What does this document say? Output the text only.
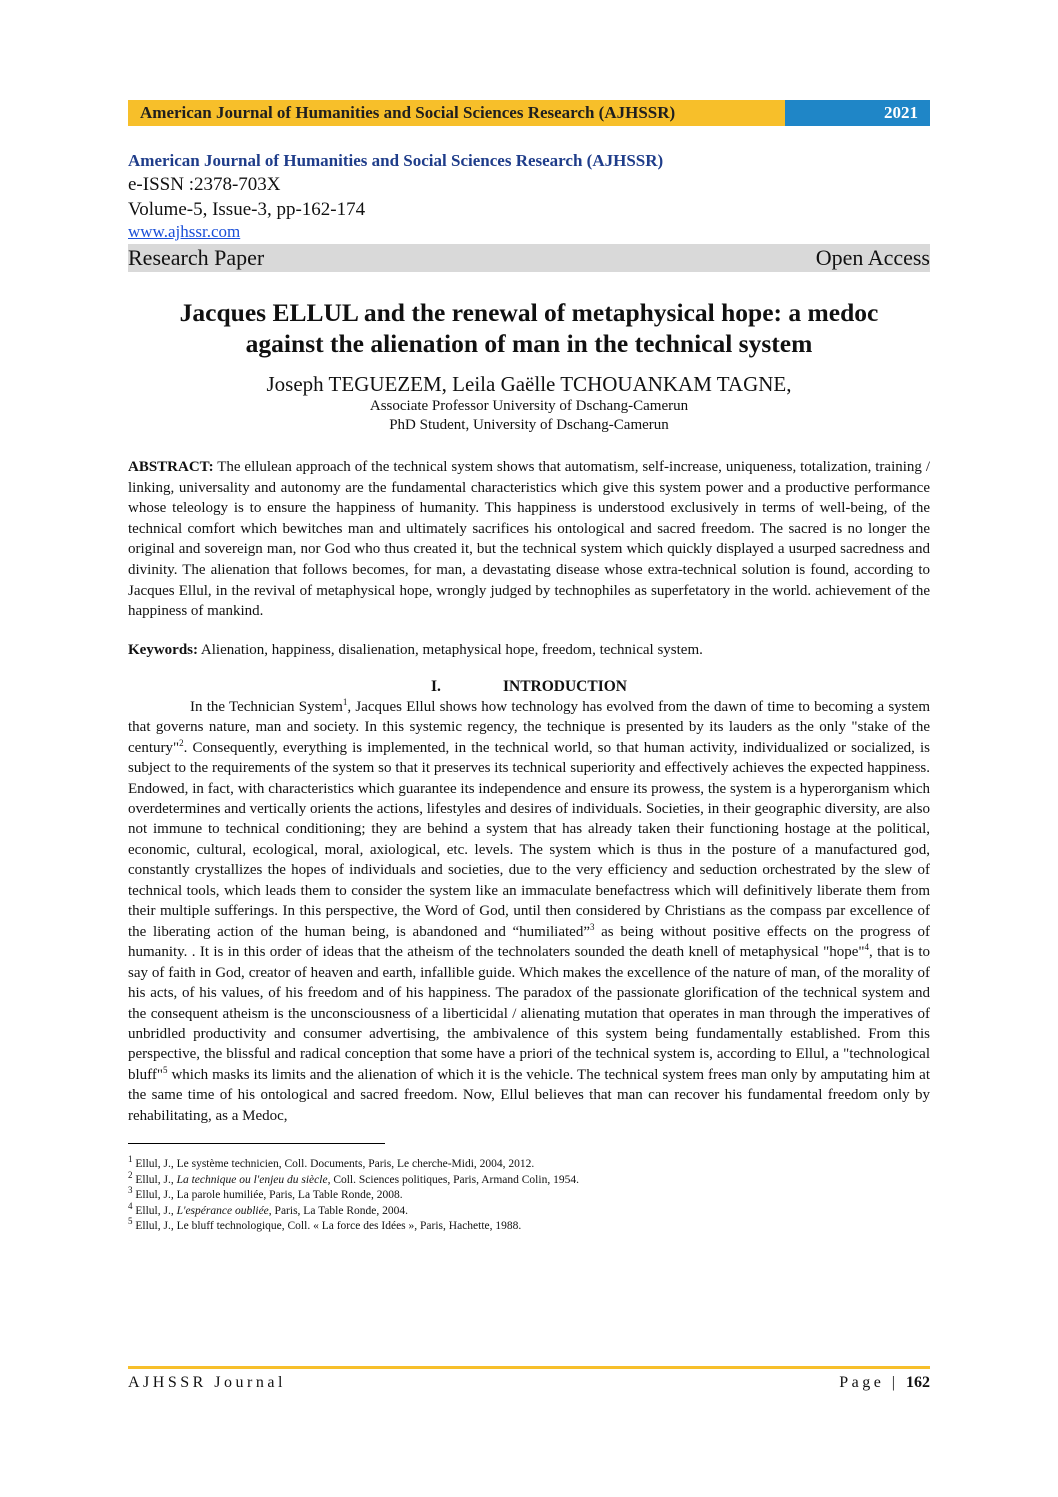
American Journal of Humanities and Social Sciences Research (AJHSSR)	2021
American Journal of Humanities and Social Sciences Research (AJHSSR)
e-ISSN :2378-703X
Volume-5, Issue-3, pp-162-174
www.ajhssr.com
Research Paper	Open Access
Jacques ELLUL and the renewal of metaphysical hope: a medoc
against the alienation of man in the technical system
Joseph TEGUEZEM, Leila Gaëlle TCHOUANKAM TAGNE,
Associate Professor University of Dschang-Camerun
PhD Student, University of Dschang-Camerun
ABSTRACT: The ellulean approach of the technical system shows that automatism, self-increase, uniqueness, totalization, training / linking, universality and autonomy are the fundamental characteristics which give this system power and a productive performance whose teleology is to ensure the happiness of humanity. This happiness is understood exclusively in terms of well-being, of the technical comfort which bewitches man and ultimately sacrifices his ontological and sacred freedom. The sacred is no longer the original and sovereign man, nor God who thus created it, but the technical system which quickly displayed a usurped sacredness and divinity. The alienation that follows becomes, for man, a devastating disease whose extra-technical solution is found, according to Jacques Ellul, in the revival of metaphysical hope, wrongly judged by technophiles as superfetatory in the world. achievement of the happiness of mankind.
Keywords: Alienation, happiness, disalienation, metaphysical hope, freedom, technical system.
I.	INTRODUCTION

In the Technician System$^1$, Jacques Ellul shows how technology has evolved from the dawn of time to becoming a system that governs nature, man and society. In this systemic regency, the technique is presented by its lauders as the only "stake of the century"$^2$. Consequently, everything is implemented, in the technical world, so that human activity, individualized or socialized, is subject to the requirements of the system so that it preserves its technical superiority and effectively achieves the expected happiness. Endowed, in fact, with characteristics which guarantee its independence and ensure its prowess, the system is a hyperorganism which overdetermines and vertically orients the actions, lifestyles and desires of individuals. Societies, in their geographic diversity, are also not immune to technical conditioning; they are behind a system that has already taken their functioning hostage at the political, economic, cultural, ecological, moral, axiological, etc. levels. The system which is thus in the posture of a manufactured god, constantly crystallizes the hopes of individuals and societies, due to the very efficiency and seduction orchestrated by the slew of technical tools, which leads them to consider the system like an immaculate benefactress which will definitively liberate them from their multiple sufferings. In this perspective, the Word of God, until then considered by Christians as the compass par excellence of the liberating action of the human being, is abandoned and “humiliated”$^3$ as being without positive effects on the progress of humanity. . It is in this order of ideas that the atheism of the technolaters sounded the death knell of metaphysical "hope"$^4$, that is to say of faith in God, creator of heaven and earth, infallible guide. Which makes the excellence of the nature of man, of the morality of his acts, of his values, of his freedom and of his happiness. The paradox of the passionate glorification of the technical system and the consequent atheism is the unconsciousness of a liberticidal / alienating mutation that operates in man through the imperatives of unbridled productivity and consumer advertising, the ambivalence of this system being fundamentally established. From this perspective, the blissful and radical conception that some have a priori of the technical system is, according to Ellul, a "technological bluff"$^5$ which masks its limits and the alienation of which it is the vehicle. The technical system frees man only by amputating him at the same time of his ontological and sacred freedom. Now, Ellul believes that man can recover his fundamental freedom only by rehabilitating, as a Medoc,

$^1$ Ellul, J., Le système technicien, Coll. Documents, Paris, Le cherche-Midi, 2004, 2012.
$^2$ Ellul, J., La technique ou l'enjeu du siècle, Coll. Sciences politiques, Paris, Armand Colin, 1954.
$^3$ Ellul, J., La parole humiliée, Paris, La Table Ronde, 2008.
$^4$ Ellul, J., L'espérance oubliée, Paris, La Table Ronde, 2004.
$^5$ Ellul, J., Le bluff technologique, Coll. « La force des Idées », Paris, Hachette, 1988.
AJHSSR Journal	Page | 162
